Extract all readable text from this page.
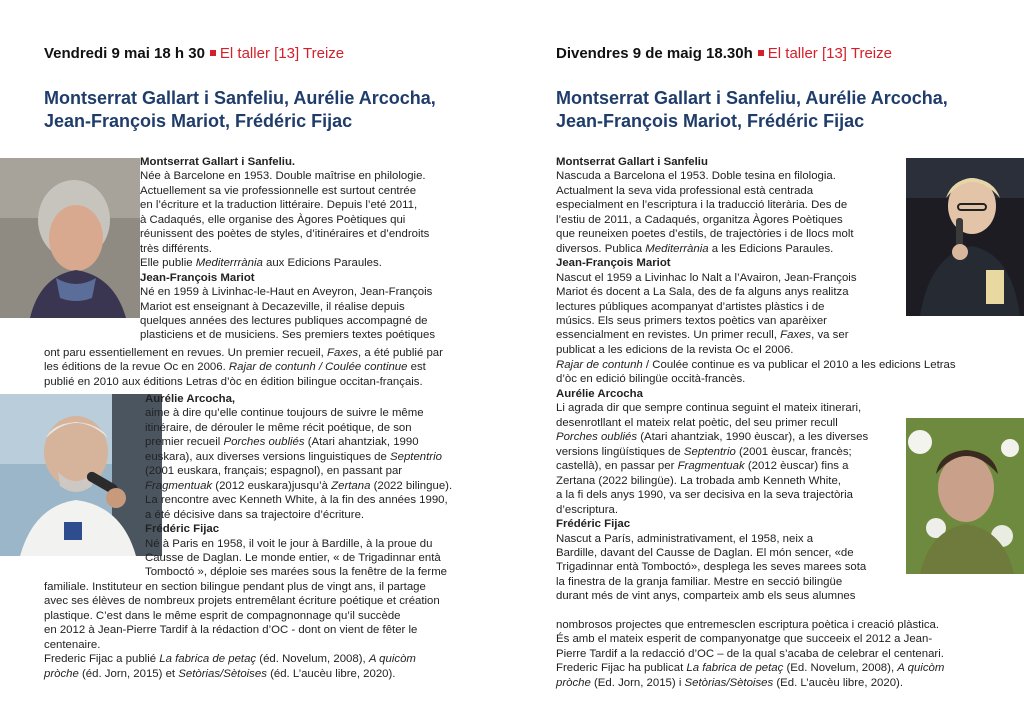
Vendredi 9 mai 18 h 30 El taller [13] Treize
Montserrat Gallart i Sanfeliu, Aurélie Arcocha,
Jean-François Mariot, Frédéric Fijac

Montserrat Gallart i Sanfeliu.

Née à Barcelone en 1953. Double maîtrise en philologie.

Actuellement sa vie professionnelle est surtout centrée

en l’écriture et la traduction littéraire. Depuis l’eté 2011,

à Cadaqués, elle organise des Àgores Poètiques qui

réunissent des poètes de styles, d’itinéraires et d’endroits

très différents.

Elle publie Mediterrrània aux Edicions Paraules.

Jean-François Mariot

Né en 1959 à Livinhac-le-Haut en Aveyron, Jean-François

Mariot est enseignant à Decazeville, il réalise depuis

quelques années des lectures publiques accompagné de

plasticiens et de musiciens. Ses premiers textes poétiques

ont paru essentiellement en revues. Un premier recueil, Faxes, a été publié par

les éditions de la revue Oc en 2006. Rajar de contunh / Coulée continue est

publié en 2010 aux éditions Letras d’òc en édition bilingue occitan-français.

Aurélie Arcocha,

aime à dire qu’elle continue toujours de suivre le même

itinéraire, de dérouler le même récit poétique, de son

premier recueil Porches oubliés (Atari ahantziak, 1990

euskara), aux diverses versions linguistiques de Septentrio

(2001 euskara, français; espagnol), en passant par

Fragmentuak (2012 euskara)jusqu’à Zertana (2022 bilingue).

La rencontre avec Kenneth White, à la fin des années 1990,

a été décisive dans sa trajectoire d’écriture.

Frédéric Fijac

Né à Paris en 1958, il voit le jour à Bardille, à la proue du

Causse de Daglan. Le monde entier, « de Trigadinnar entà

Tomboctó », déploie ses marées sous la fenêtre de la ferme

familiale. Instituteur en section bilingue pendant plus de vingt ans, il partage

avec ses élèves de nombreux projets entremêlant écriture poétique et création

plastique. C’est dans le même esprit de compagnonnage qu’il succède

en 2012 à Jean-Pierre Tardif à la rédaction d’OC - dont on vient de fêter le

centenaire.

Frederic Fijac a publié La fabrica de petaç (éd. Novelum, 2008), A quicòm

pròche (éd. Jorn, 2015) et Setòrias/Sètoises (éd. L’aucèu libre, 2020).

Divendres 9 de maig 18.30h El taller [13] Treize
Montserrat Gallart i Sanfeliu, Aurélie Arcocha,
Jean-François Mariot, Frédéric Fijac

Montserrat Gallart i Sanfeliu

Nascuda a Barcelona el 1953. Doble tesina en filologia.

Actualment la seva vida professional està centrada

especialment en l’escriptura i la traducció literària. Des de

l’estiu de 2011, a Cadaqués, organitza Àgores Poètiques

que reuneixen poetes d’estils, de trajectòries i de llocs molt

diversos. Publica Mediterrània a les Edicions Paraules.

Jean-François Mariot

Nascut el 1959 a Livinhac lo Nalt a l’Avairon, Jean-François

Mariot és docent a La Sala, des de fa alguns anys realitza

lectures públiques acompanyat d’artistes plàstics i de

músics. Els seus primers textos poètics van aparèixer

essencialment en revistes. Un primer recull, Faxes, va ser

publicat a les edicions de la revista Oc el 2006.

Rajar de contunh / Coulée continue es va publicar el 2010 a les edicions Letras

d’òc en edició bilingüe occità-francès.

Aurélie Arcocha

Li agrada dir que sempre continua seguint el mateix itinerari,

desenrotllant el mateix relat poètic, del seu primer recull

Porches oubliés (Atari ahantziak, 1990 èuscar), a les diverses

versions lingüístiques de Septentrio (2001 èuscar, francès;

castellà), en passar per Fragmentuak (2012 èuscar) fins a

Zertana (2022 bilingüe). La trobada amb Kenneth White,

a la fi dels anys 1990, va ser decisiva en la seva trajectòria

d’escriptura.

Frédéric Fijac

Nascut a París, administrativament, el 1958, neix a

Bardille, davant del Causse de Daglan. El món sencer, «de

Trigadinnar entà Tomboctó», desplega les seves marees sota

la finestra de la granja familiar. Mestre en secció bilingüe

durant més de vint anys, comparteix amb els seus alumnes

nombrosos projectes que entremesclen escriptura poètica i creació plàstica.

És amb el mateix esperit de companyonatge que succeeix el 2012 a Jean-

Pierre Tardif a la redacció d’OC – de la qual s’acaba de celebrar el centenari.

Frederic Fijac ha publicat La fabrica de petaç (Ed. Novelum, 2008), A quicòm

pròche (Ed. Jorn, 2015) i Setòrias/Sètoises (Ed. L’aucèu libre, 2020).
